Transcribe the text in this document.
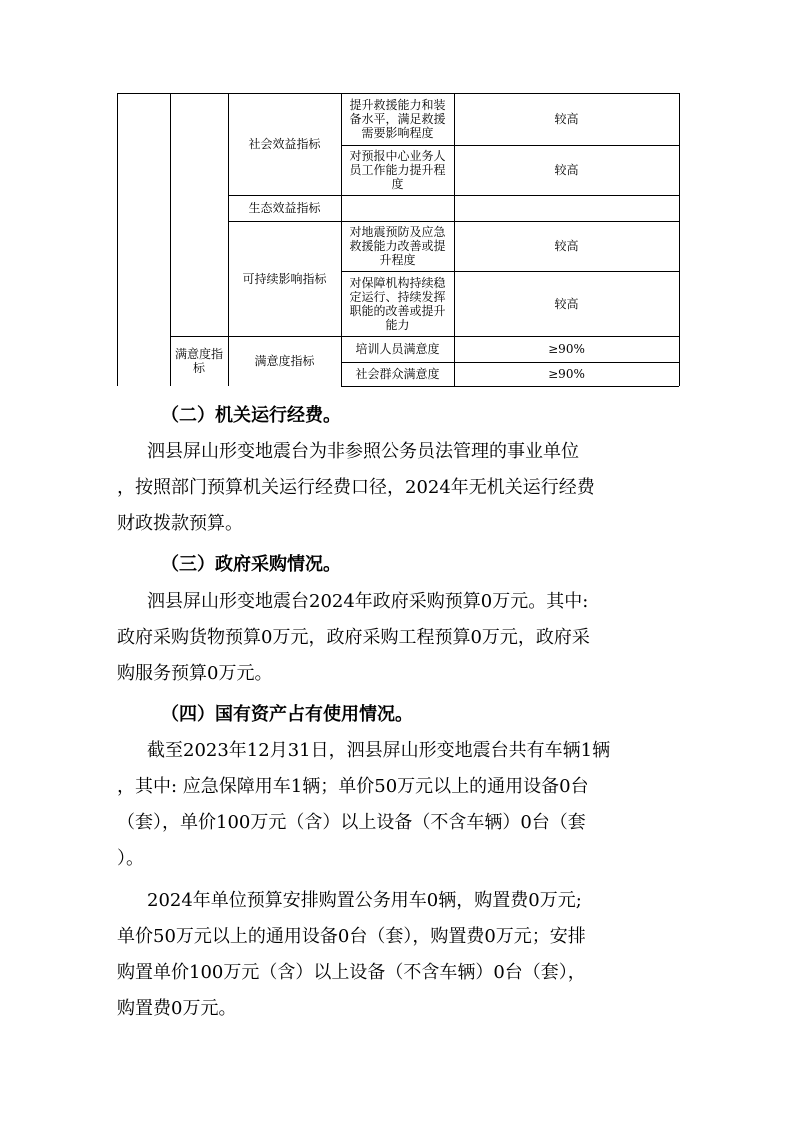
社会效益指标
生态效益指标
可持续影响指标
满意度指标
满意度指标
提升救援能力和装备水平，满足救援需要影响程度
对预报中心业务人员工作能力提升程度
对地震预防及应急救援能力改善或提升程度
对保障机构持续稳定运行、持续发挥职能的改善或提升能力
培训人员满意度
社会群众满意度
较高
较高
较高
较高
≥90%
≥90%
（二）机关运行经费。
泗县屏山形变地震台为非参照公务员法管理的事业单位
，按照部门预算机关运行经费口径，2024年无机关运行经费
财政拨款预算。
（三）政府采购情况。
泗县屏山形变地震台2024年政府采购预算0万元。其中:
政府采购货物预算0万元，政府采购工程预算0万元，政府采
购服务预算0万元。
（四）国有资产占有使用情况。
截至2023年12月31日，泗县屏山形变地震台共有车辆1辆
，其中: 应急保障用车1辆；单价50万元以上的通用设备0台
（套），单价100万元（含）以上设备（不含车辆）0台（套
）。
2024年单位预算安排购置公务用车0辆，购置费0万元;
单价50万元以上的通用设备0台（套），购置费0万元；安排
购置单价100万元（含）以上设备（不含车辆）0台（套），
购置费0万元。
